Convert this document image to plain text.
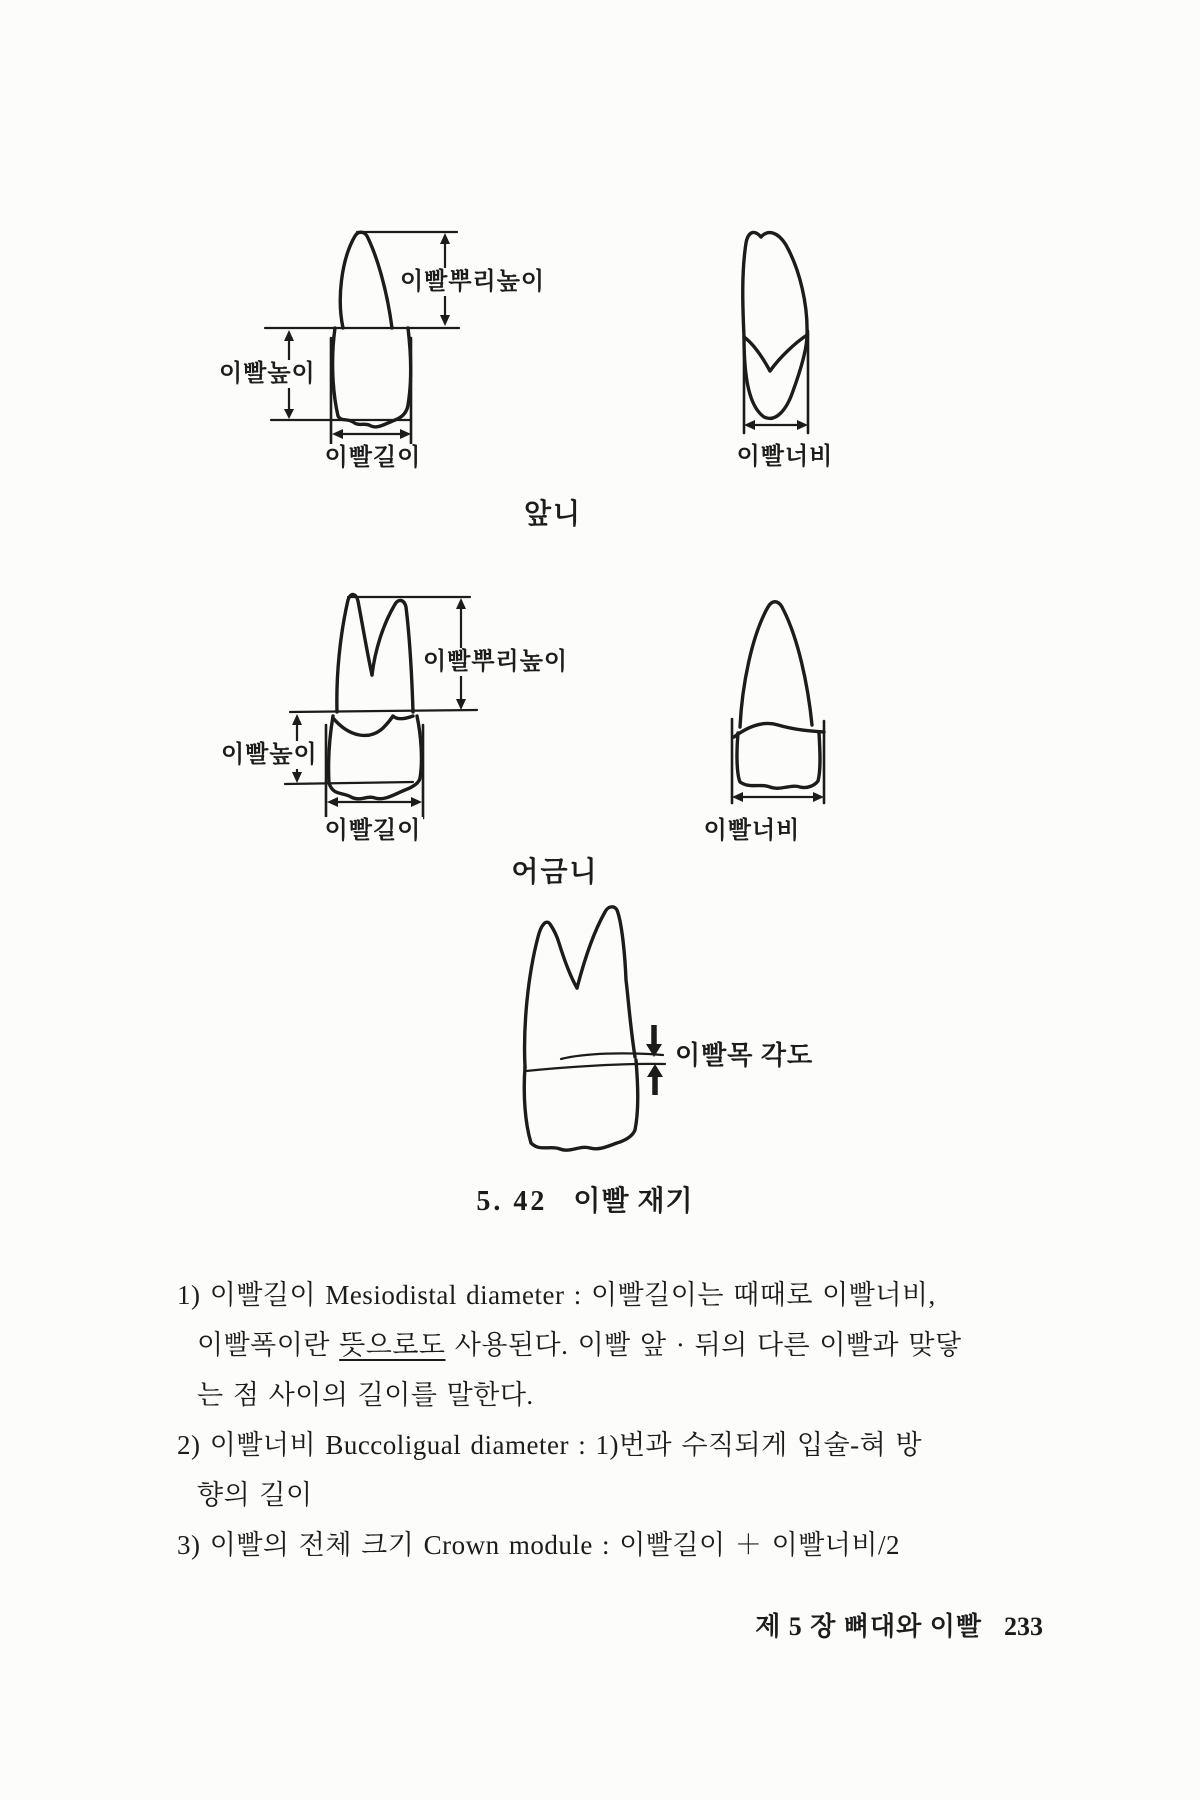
이빨뿌리높이
이빨높이
이빨길이	이빨너비
앞니
이빨뿌리높이
이빨높이
이빨길이	이빨너비
어금니
이빨목 각도
5. 42 이빨 재기
1) 이빨길이 Mesiodistal diameter : 이빨길이는 때때로 이빨너비,
이빨폭이란 뜻으로도 사용된다. 이빨 앞 · 뒤의 다른 이빨과 맞닿
는 점 사이의 길이를 말한다.
2) 이빨너비 Buccoligual diameter : 1)번과 수직되게 입술-혀 방
향의 길이
3) 이빨의 전체 크기 Crown module : 이빨길이 ＋ 이빨너비/2
제 5 장 뼈대와 이빨 233
